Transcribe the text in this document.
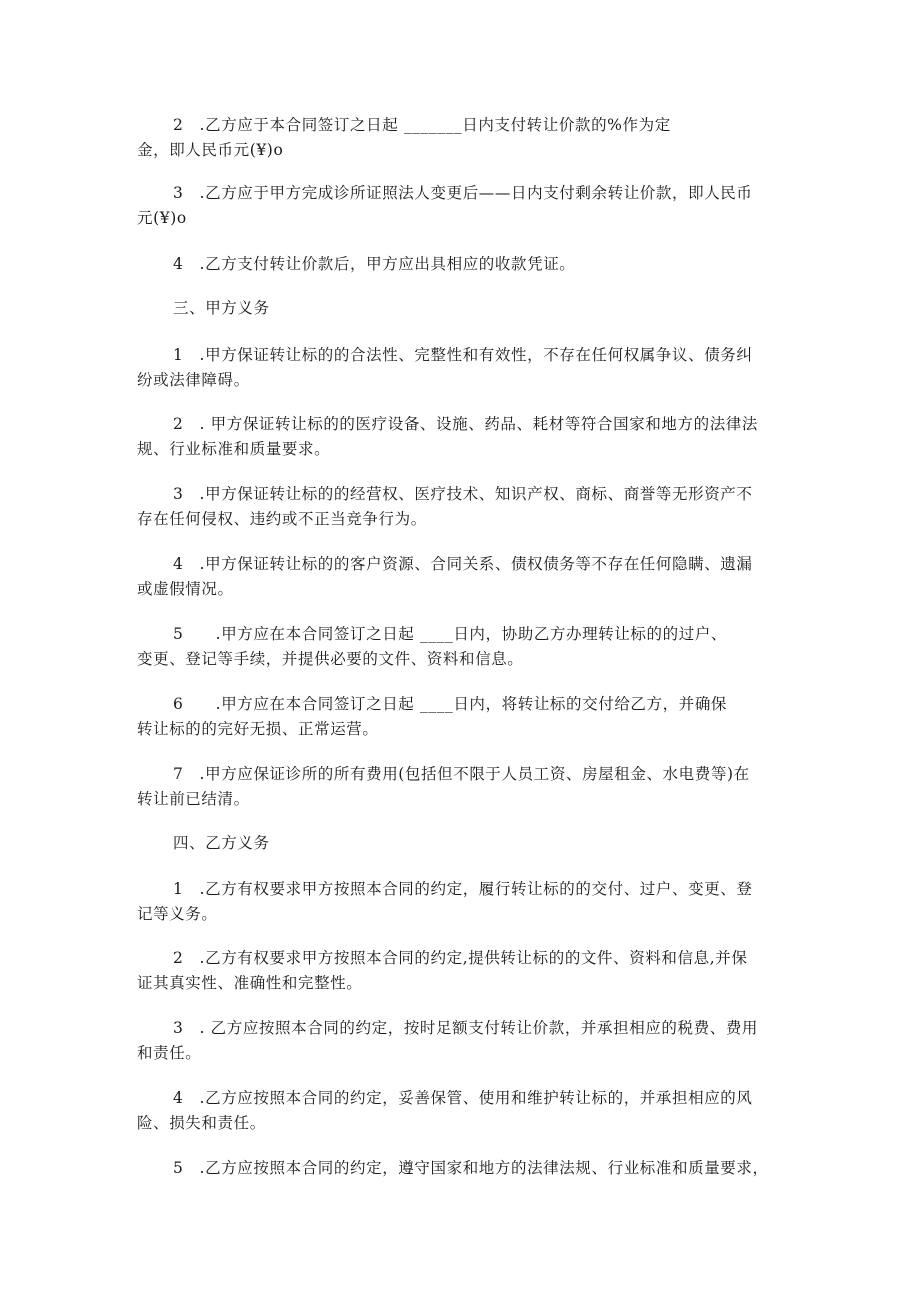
2　.乙方应于本合同签订之日起 _______日内支付转让价款的%作为定
金，即人民币元(¥)o
3　.乙方应于甲方完成诊所证照法人变更后——日内支付剩余转让价款，即人民币
元(¥)o
4　.乙方支付转让价款后，甲方应出具相应的收款凭证。
三、甲方义务
1　.甲方保证转让标的的合法性、完整性和有效性，不存在任何权属争议、债务纠
纷或法律障碍。
2　. 甲方保证转让标的的医疗设备、设施、药品、耗材等符合国家和地方的法律法
规、行业标准和质量要求。
3　.甲方保证转让标的的经营权、医疗技术、知识产权、商标、商誉等无形资产不
存在任何侵权、违约或不正当竞争行为。
4　.甲方保证转让标的的客户资源、合同关系、债权债务等不存在任何隐瞒、遗漏
或虚假情况。
5　　.甲方应在本合同签订之日起 ____日内，协助乙方办理转让标的的过户、
变更、登记等手续，并提供必要的文件、资料和信息。
6　　.甲方应在本合同签订之日起 ____日内，将转让标的交付给乙方，并确保
转让标的的完好无损、正常运营。
7　.甲方应保证诊所的所有费用(包括但不限于人员工资、房屋租金、水电费等)在
转让前已结清。
四、乙方义务
1　.乙方有权要求甲方按照本合同的约定，履行转让标的的交付、过户、变更、登
记等义务。
2　.乙方有权要求甲方按照本合同的约定,提供转让标的的文件、资料和信息,并保
证其真实性、准确性和完整性。
3　. 乙方应按照本合同的约定，按时足额支付转让价款，并承担相应的税费、费用
和责任。
4　.乙方应按照本合同的约定，妥善保管、使用和维护转让标的，并承担相应的风
险、损失和责任。
5　.乙方应按照本合同的约定，遵守国家和地方的法律法规、行业标准和质量要求，
